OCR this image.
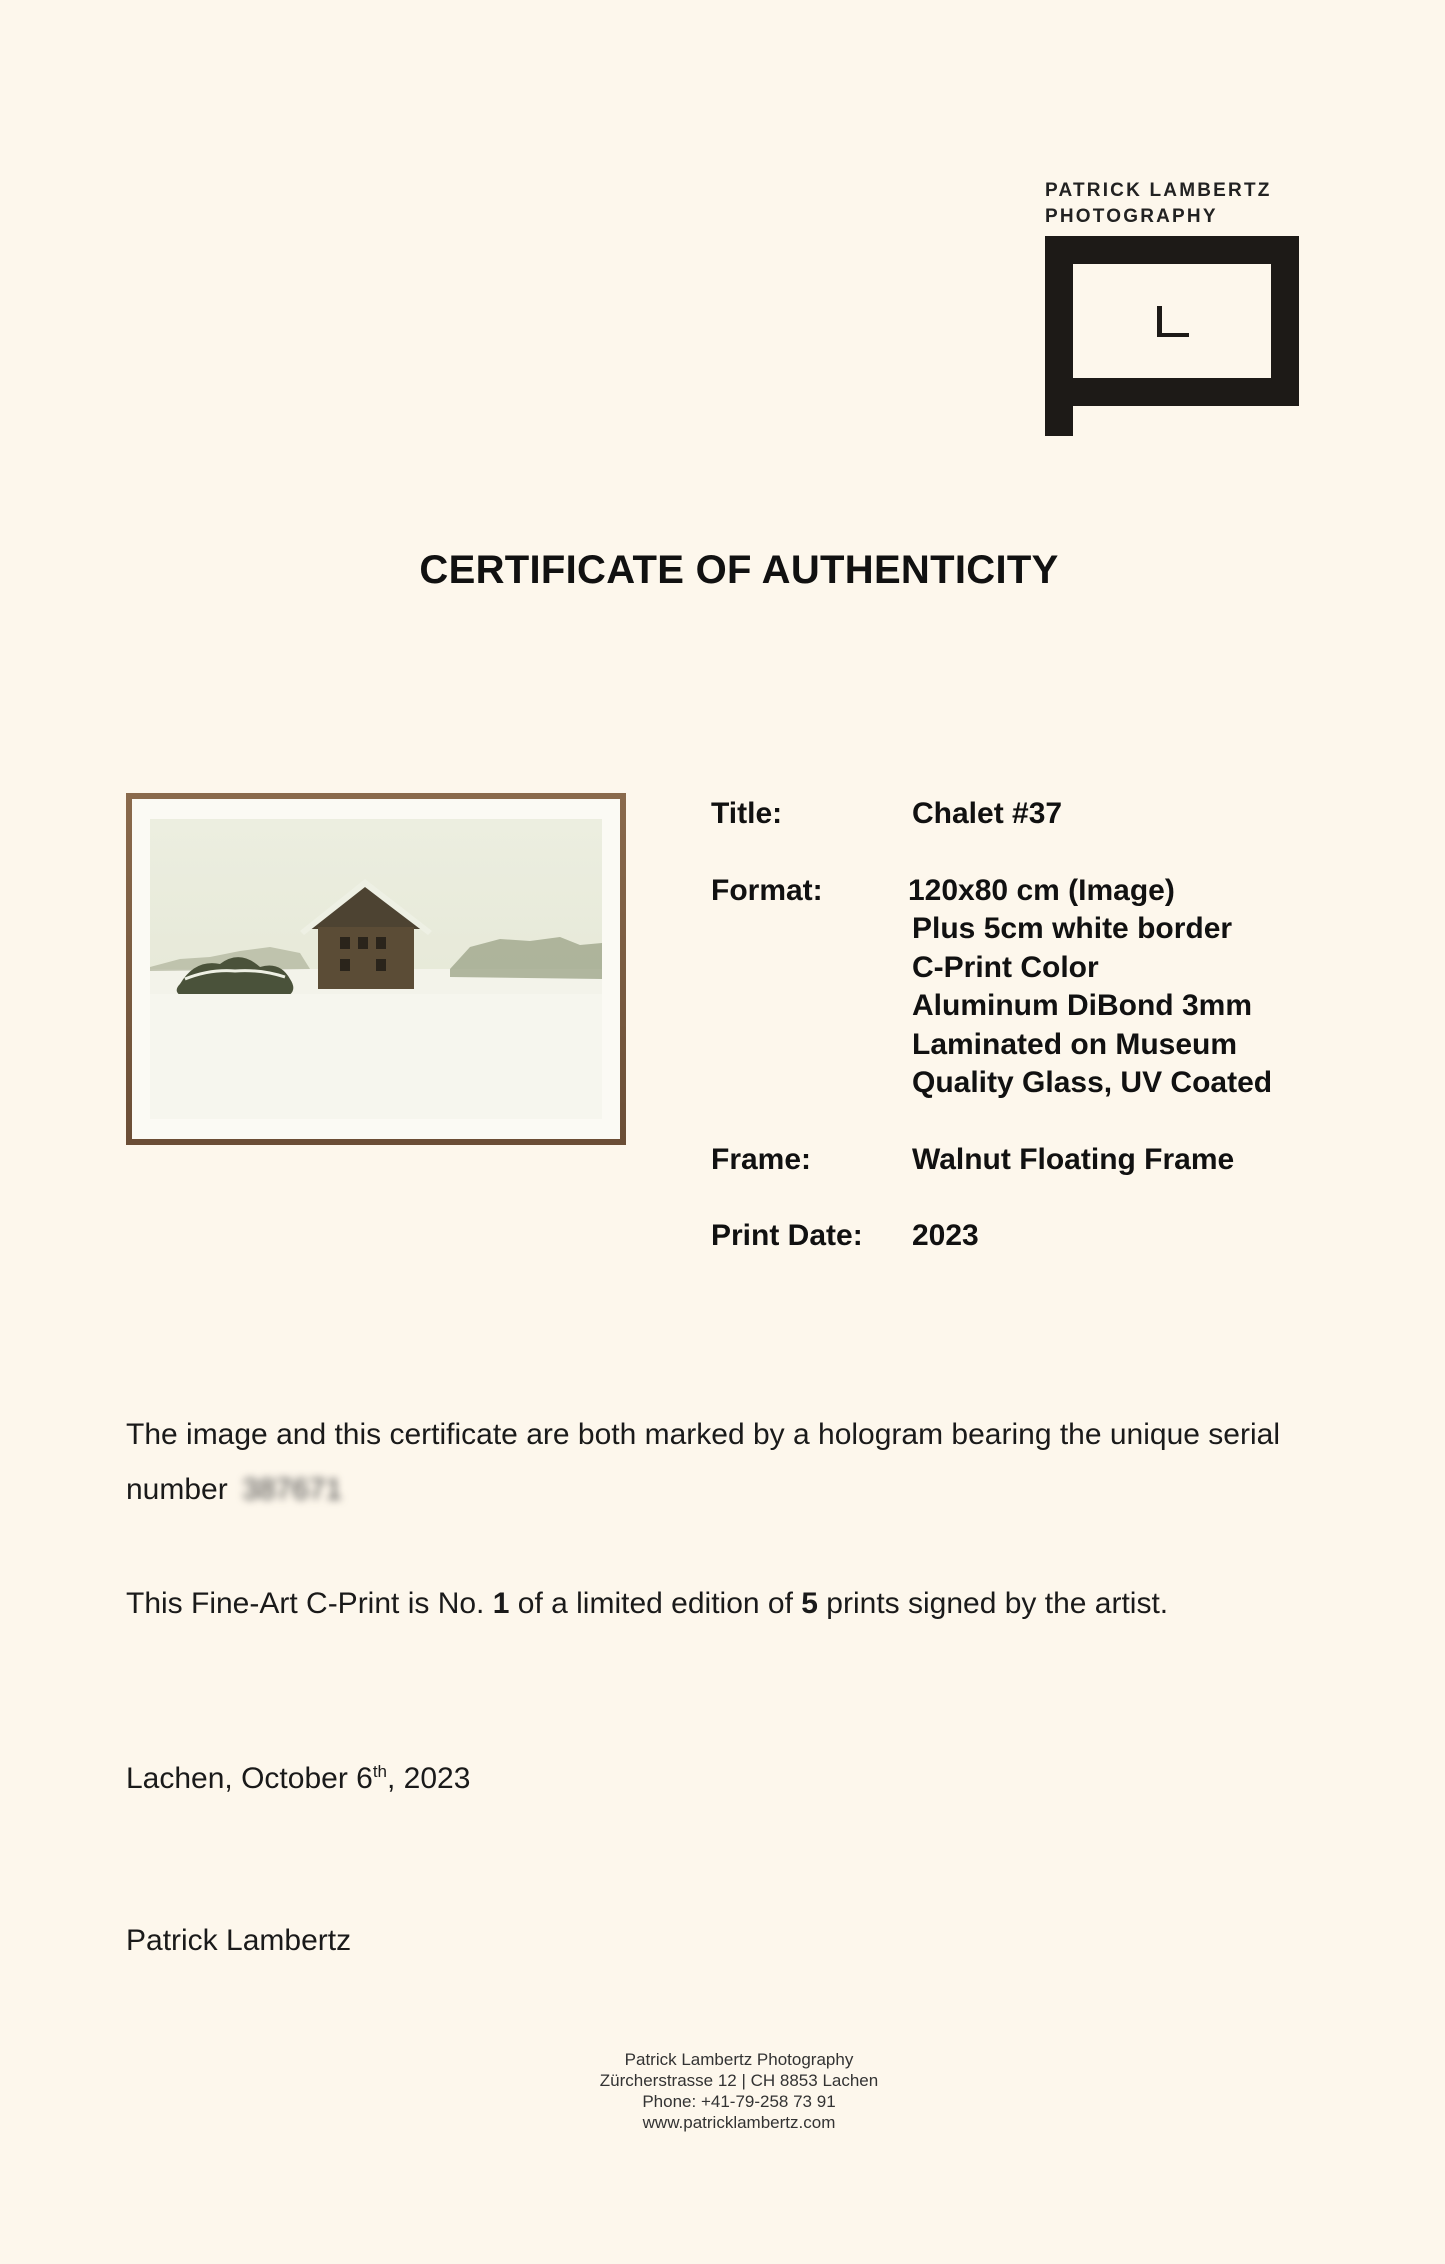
PATRICK LAMBERTZ
PHOTOGRAPHY
CERTIFICATE OF AUTHENTICITY
Title:	Chalet #37
Format:	120x80 cm (Image)
Plus 5cm white border
C-Print Color
Aluminum DiBond 3mm
Laminated on Museum
Quality Glass, UV Coated
Frame:	Walnut Floating Frame
Print Date:	2023
The image and this certificate are both marked by a hologram bearing the unique serial
number 387671
This Fine-Art C-Print is No. 1 of a limited edition of 5 prints signed by the artist.
Lachen, October 6th, 2023
Patrick Lambertz
Patrick Lambertz Photography
Zürcherstrasse 12 | CH 8853 Lachen
Phone: +41-79-258 73 91
www.patricklambertz.com
